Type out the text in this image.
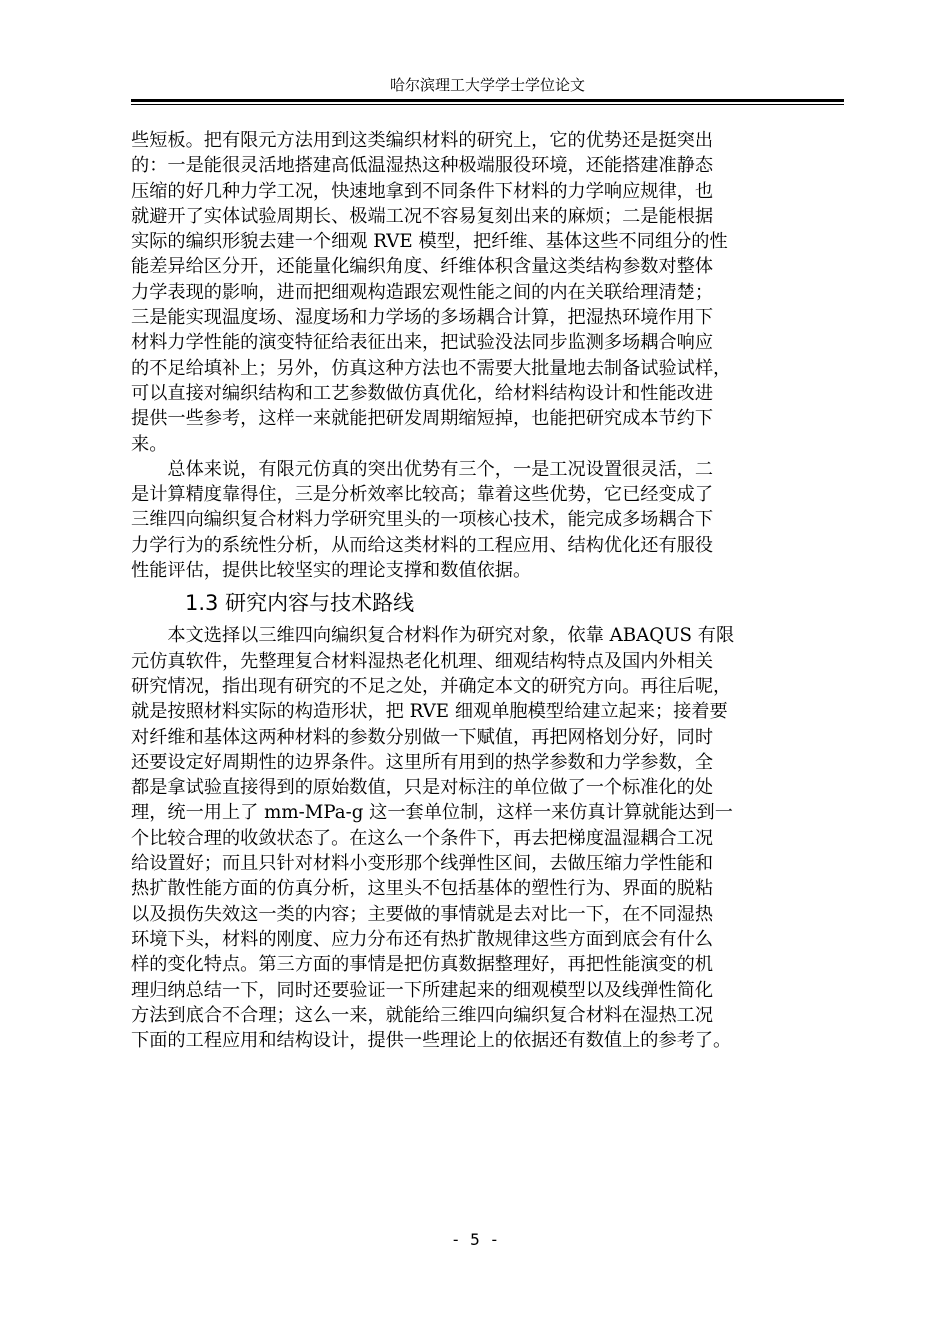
哈尔滨理工大学学士学位论文

些短板。把有限元方法用到这类编织材料的研究上，它的优势还是挺突出
的：一是能很灵活地搭建高低温湿热这种极端服役环境，还能搭建准静态
压缩的好几种力学工况，快速地拿到不同条件下材料的力学响应规律，也
就避开了实体试验周期长、极端工况不容易复刻出来的麻烦；二是能根据
实际的编织形貌去建一个细观 RVE 模型，把纤维、基体这些不同组分的性
能差异给区分开，还能量化编织角度、纤维体积含量这类结构参数对整体
力学表现的影响，进而把细观构造跟宏观性能之间的内在关联给理清楚；
三是能实现温度场、湿度场和力学场的多场耦合计算，把湿热环境作用下
材料力学性能的演变特征给表征出来，把试验没法同步监测多场耦合响应
的不足给填补上；另外，仿真这种方法也不需要大批量地去制备试验试样，
可以直接对编织结构和工艺参数做仿真优化，给材料结构设计和性能改进
提供一些参考，这样一来就能把研发周期缩短掉，也能把研究成本节约下
来。

　　总体来说，有限元仿真的突出优势有三个，一是工况设置很灵活，二
是计算精度靠得住，三是分析效率比较高；靠着这些优势，它已经变成了
三维四向编织复合材料力学研究里头的一项核心技术，能完成多场耦合下
力学行为的系统性分析，从而给这类材料的工程应用、结构优化还有服役
性能评估，提供比较坚实的理论支撑和数值依据。

1.3 研究内容与技术路线

　　本文选择以三维四向编织复合材料作为研究对象，依靠 ABAQUS 有限
元仿真软件，先整理复合材料湿热老化机理、细观结构特点及国内外相关
研究情况，指出现有研究的不足之处，并确定本文的研究方向。再往后呢，
就是按照材料实际的构造形状，把 RVE 细观单胞模型给建立起来；接着要
对纤维和基体这两种材料的参数分别做一下赋值，再把网格划分好，同时
还要设定好周期性的边界条件。这里所有用到的热学参数和力学参数，全
都是拿试验直接得到的原始数值，只是对标注的单位做了一个标准化的处
理，统一用上了 mm-MPa-g 这一套单位制，这样一来仿真计算就能达到一
个比较合理的收敛状态了。在这么一个条件下，再去把梯度温湿耦合工况
给设置好；而且只针对材料小变形那个线弹性区间，去做压缩力学性能和
热扩散性能方面的仿真分析，这里头不包括基体的塑性行为、界面的脱粘
以及损伤失效这一类的内容；主要做的事情就是去对比一下，在不同湿热
环境下头，材料的刚度、应力分布还有热扩散规律这些方面到底会有什么
样的变化特点。第三方面的事情是把仿真数据整理好，再把性能演变的机
理归纳总结一下，同时还要验证一下所建起来的细观模型以及线弹性简化
方法到底合不合理；这么一来，就能给三维四向编织复合材料在湿热工况
下面的工程应用和结构设计，提供一些理论上的依据还有数值上的参考了。

- 5 -
